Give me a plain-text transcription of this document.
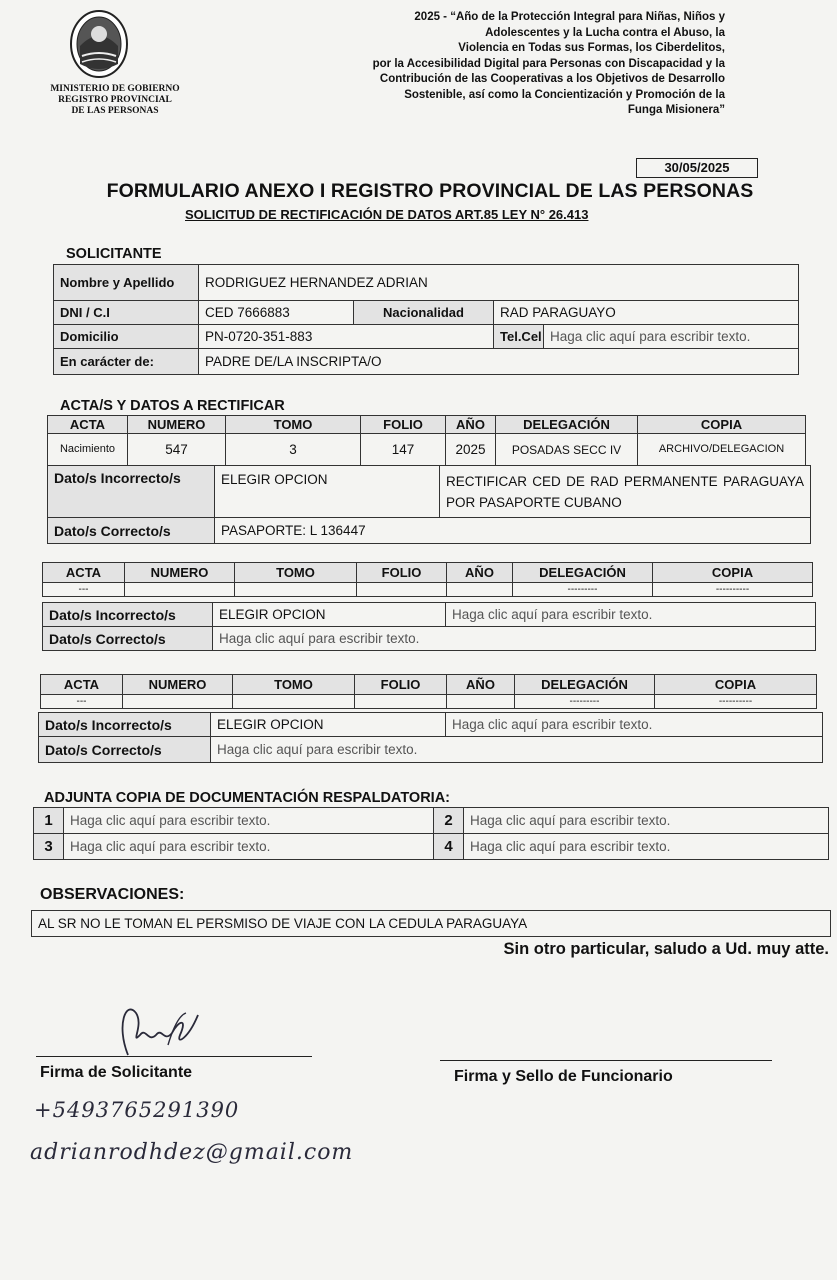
MINISTERIO DE GOBIERNO
REGISTRO PROVINCIAL
DE LAS PERSONAS
2025 - “Año de la Protección Integral para Niñas, Niños y
Adolescentes y la Lucha contra el Abuso, la
Violencia en Todas sus Formas, los Ciberdelitos,
por la Accesibilidad Digital para Personas con Discapacidad y la
Contribución de las Cooperativas a los Objetivos de Desarrollo
Sostenible, así como la Concientización y Promoción de la
Funga Misionera”
30/05/2025
FORMULARIO ANEXO I REGISTRO PROVINCIAL DE LAS PERSONAS
SOLICITUD DE RECTIFICACIÓN DE DATOS ART.85 LEY N° 26.413
SOLICITANTE
Nombre y Apellido	RODRIGUEZ HERNANDEZ ADRIAN			
DNI / C.I	CED 7666883	Nacionalidad	RAD PARAGUAYO	
Domicilio	PN-0720-351-883		Tel.Cel	Haga clic aquí para escribir texto.
En carácter de:	PADRE DE/LA INSCRIPTA/O			
ACTA/S Y DATOS A RECTIFICAR
ACTA	NUMERO	TOMO	FOLIO	AÑO	DELEGACIÓN	COPIA
Nacimiento	547	3	147	2025	POSADAS SECC IV	ARCHIVO/DELEGACION
Dato/s Incorrecto/s	ELEGIR OPCION	RECTIFICAR CED DE RAD PERMANENTE PARAGUAYA POR PASAPORTE CUBANO
Dato/s Correcto/s	PASAPORTE: L 136447	
ACTA	NUMERO	TOMO	FOLIO	AÑO	DELEGACIÓN	COPIA
---					---------	----------
Dato/s Incorrecto/s	ELEGIR OPCION	Haga clic aquí para escribir texto.
Dato/s Correcto/s	Haga clic aquí para escribir texto.	
ACTA	NUMERO	TOMO	FOLIO	AÑO	DELEGACIÓN	COPIA
---					---------	----------
Dato/s Incorrecto/s	ELEGIR OPCION	Haga clic aquí para escribir texto.
Dato/s Correcto/s	Haga clic aquí para escribir texto.	
ADJUNTA COPIA DE DOCUMENTACIÓN RESPALDATORIA:
1	Haga clic aquí para escribir texto.	2	Haga clic aquí para escribir texto.
3	Haga clic aquí para escribir texto.	4	Haga clic aquí para escribir texto.
OBSERVACIONES:
AL SR NO LE TOMAN EL PERSMISO DE VIAJE CON LA CEDULA PARAGUAYA
Sin otro particular, saludo a Ud. muy atte.
Firma de Solicitante	Firma y Sello de Funcionario
+5493765291390
adrianrodhdez@gmail.com
